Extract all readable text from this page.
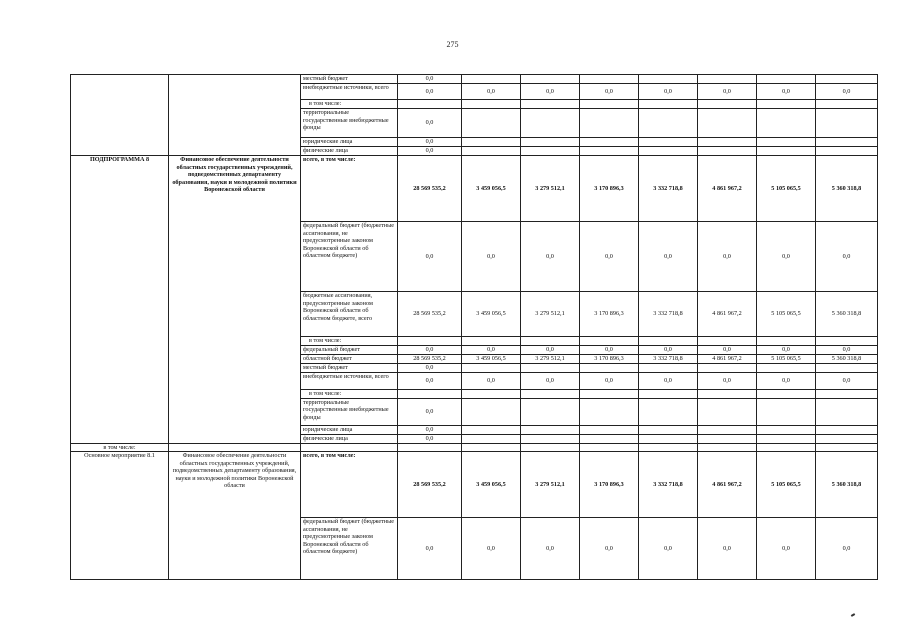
275
		местный бюджет	0,0							
		внебюджетные источники, всего	0,0	0,0	0,0	0,0	0,0	0,0	0,0	0,0
		в том числе:								
		территориальные государственные внебюджетные фонды	0,0							
		юридические лица	0,0							
		физические лица	0,0							
ПОДПРОГРАММА 8	Финансовое обеспечение деятельности областных государственных учреждений, подведомственных департаменту образования, науки и молодежной политики Воронежской области	всего, в том числе:	28 569 535,2	3 459 056,5	3 279 512,1	3 170 896,3	3 332 718,8	4 861 967,2	5 105 065,5	5 360 318,8
		федеральный бюджет (бюджетные ассигнования, не предусмотренные законом Воронежской области об областном бюджете)	0,0	0,0	0,0	0,0	0,0	0,0	0,0	0,0
		бюджетные ассигнования, предусмотренные законом Воронежской области об областном бюджете, всего	28 569 535,2	3 459 056,5	3 279 512,1	3 170 896,3	3 332 718,8	4 861 967,2	5 105 065,5	5 360 318,8
		в том числе:								
		федеральный бюджет	0,0	0,0	0,0	0,0	0,0	0,0	0,0	0,0
		областной бюджет	28 569 535,2	3 459 056,5	3 279 512,1	3 170 896,3	3 332 718,8	4 861 967,2	5 105 065,5	5 360 318,8
		местный бюджет	0,0							
		внебюджетные источники, всего	0,0	0,0	0,0	0,0	0,0	0,0	0,0	0,0
		в том числе:								
		территориальные государственные внебюджетные фонды	0,0							
		юридические лица	0,0							
		физические лица	0,0							
в том числе:										
Основное мероприятие 8.1	Финансовое обеспечение деятельности областных государственных учреждений, подведомственных департаменту образования, науки и молодежной политики Воронежской области	всего, в том числе:	28 569 535,2	3 459 056,5	3 279 512,1	3 170 896,3	3 332 718,8	4 861 967,2	5 105 065,5	5 360 318,8
		федеральный бюджет (бюджетные ассигнования, не предусмотренные законом Воронежской области об областном бюджете)	0,0	0,0	0,0	0,0	0,0	0,0	0,0	0,0
